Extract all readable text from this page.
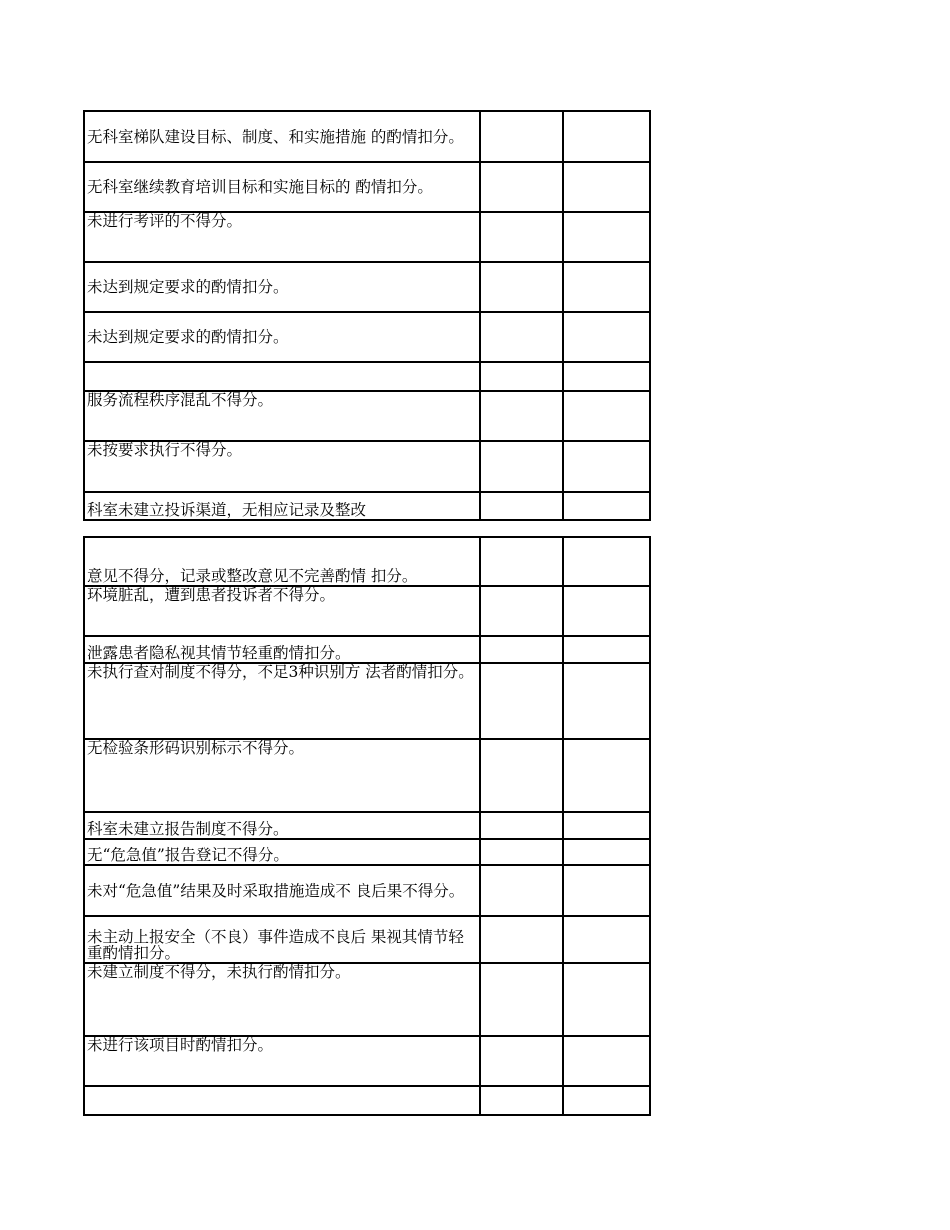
无科室梯队建设目标、制度、和实施措施 的酌情扣分。		
无科室继续教育培训目标和实施目标的 酌情扣分。		
未进行考评的不得分。		
未达到规定要求的酌情扣分。		
未达到规定要求的酌情扣分。		

服务流程秩序混乱不得分。		
未按要求执行不得分。		
科室未建立投诉渠道，无相应记录及整改		
意见不得分，记录或整改意见不完善酌情 扣分。		
环境脏乱，遭到患者投诉者不得分。		
泄露患者隐私视其情节轻重酌情扣分。		
未执行查对制度不得分，不足3种识别方 法者酌情扣分。		
无检验条形码识别标示不得分。		
科室未建立报告制度不得分。		
无“危急值”报告登记不得分。		
未对“危急值”结果及时采取措施造成不 良后果不得分。		
未主动上报安全（不良）事件造成不良后 果视其情节轻重酌情扣分。		
未建立制度不得分，未执行酌情扣分。		
未进行该项目时酌情扣分。		
